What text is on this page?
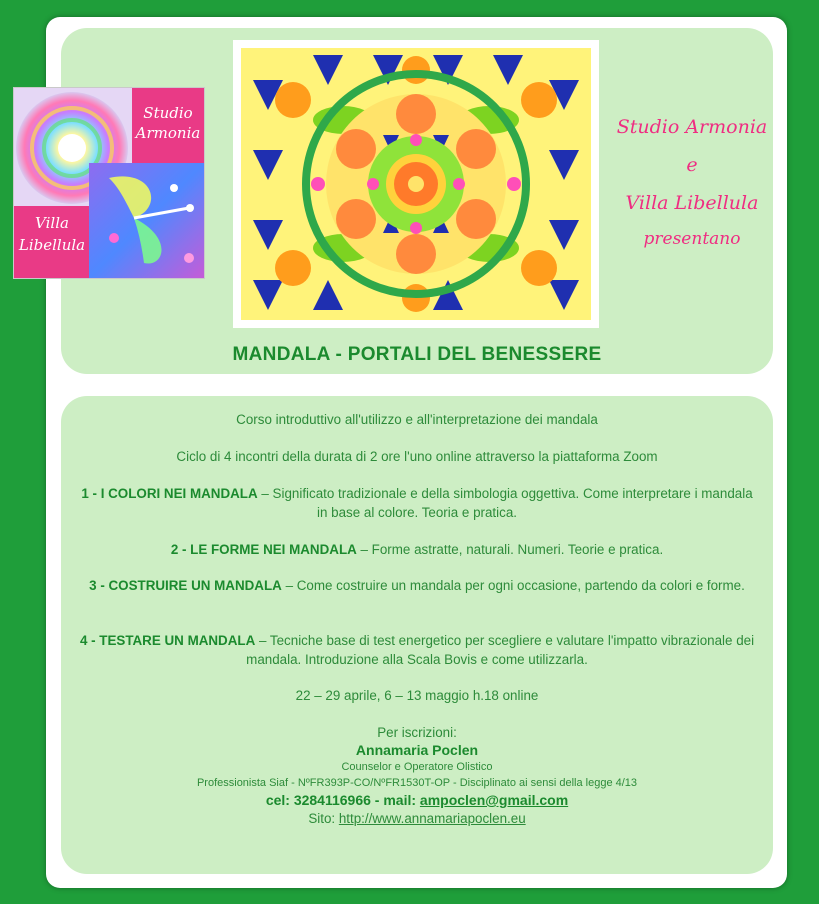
Studio
Armonia
Villa
Libellula
Studio Armonia
e
Villa Libellula
presentano
MANDALA - PORTALI DEL BENESSERE
Corso introduttivo all'utilizzo e all'interpretazione dei mandala
Ciclo di 4 incontri della durata di 2 ore l'uno online attraverso la piattaforma Zoom
1 - I COLORI NEI MANDALA – Significato tradizionale e della simbologia oggettiva. Come interpretare i mandala in base al colore. Teoria e pratica.
2 - LE FORME NEI MANDALA – Forme astratte, naturali. Numeri. Teorie e pratica.
3 - COSTRUIRE UN MANDALA – Come costruire un mandala per ogni occasione, partendo da colori e forme.
4 - TESTARE UN MANDALA – Tecniche base di test energetico per scegliere e valutare l'impatto vibrazionale dei mandala. Introduzione alla Scala Bovis e come utilizzarla.
22 – 29 aprile, 6 – 13 maggio h.18 online
Per iscrizioni:
Annamaria Poclen
Counselor e Operatore Olistico
Professionista Siaf - NºFR393P-CO/NºFR1530T-OP - Disciplinato ai sensi della legge 4/13
cel: 3284116966 - mail: ampoclen@gmail.com
Sito: http://www.annamariapoclen.eu
